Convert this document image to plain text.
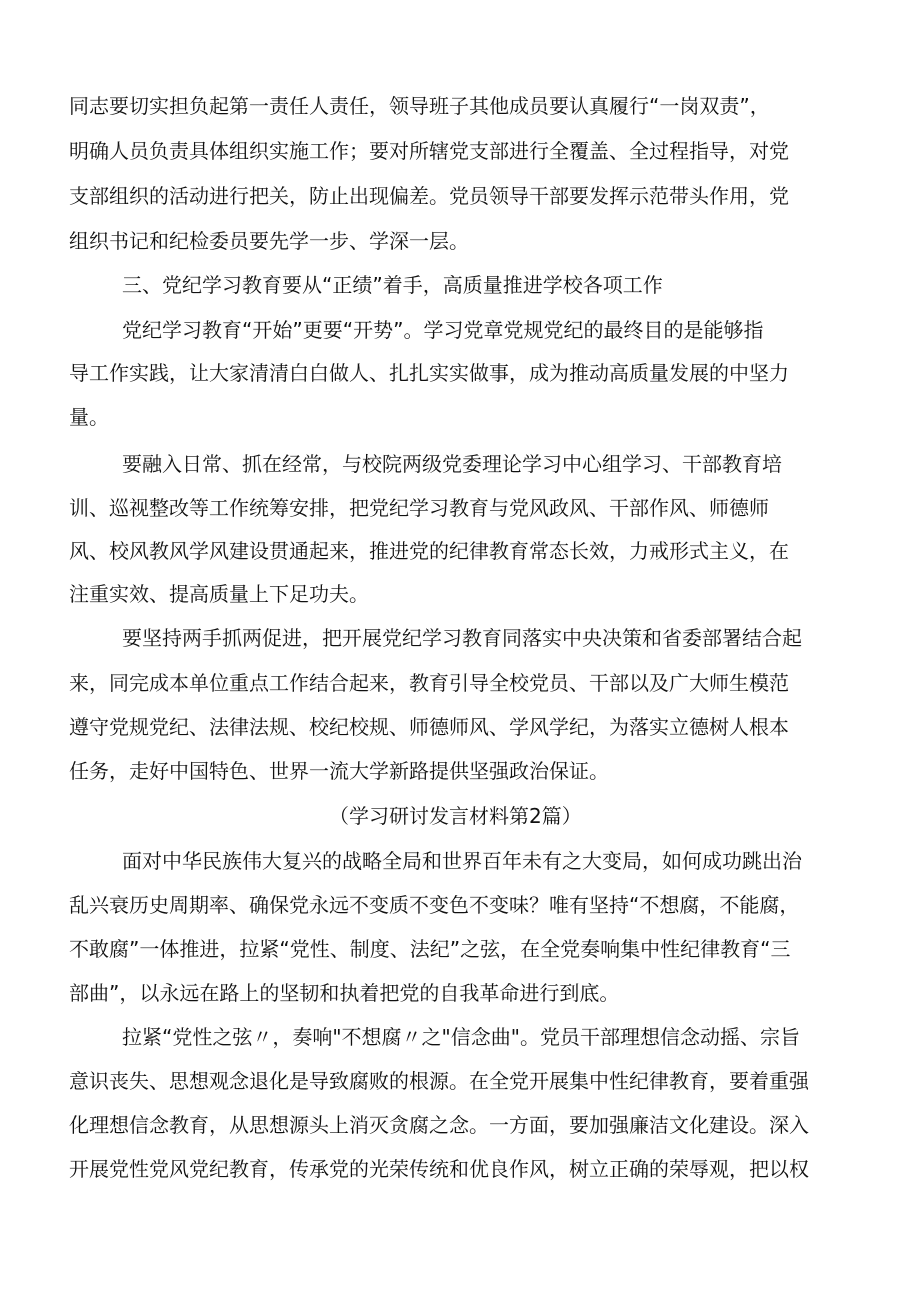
同志要切实担负起第一责任人责任，领导班子其他成员要认真履行“一岗双责”，
明确人员负责具体组织实施工作；要对所辖党支部进行全覆盖、全过程指导，对党
支部组织的活动进行把关，防止出现偏差。党员领导干部要发挥示范带头作用，党
组织书记和纪检委员要先学一步、学深一层。
三、党纪学习教育要从“正绩”着手，高质量推进学校各项工作
党纪学习教育“开始”更要“开势”。学习党章党规党纪的最终目的是能够指
导工作实践，让大家清清白白做人、扎扎实实做事，成为推动高质量发展的中坚力
量。
要融入日常、抓在经常，与校院两级党委理论学习中心组学习、干部教育培
训、巡视整改等工作统筹安排，把党纪学习教育与党风政风、干部作风、师德师
风、校风教风学风建设贯通起来，推进党的纪律教育常态长效，力戒形式主义，在
注重实效、提高质量上下足功夫。
要坚持两手抓两促进，把开展党纪学习教育同落实中央决策和省委部署结合起
来，同完成本单位重点工作结合起来，教育引导全校党员、干部以及广大师生模范
遵守党规党纪、法律法规、校纪校规、师德师风、学风学纪，为落实立德树人根本
任务，走好中国特色、世界一流大学新路提供坚强政治保证。
（学习研讨发言材料第2篇）
面对中华民族伟大复兴的战略全局和世界百年未有之大变局，如何成功跳出治
乱兴衰历史周期率、确保党永远不变质不变色不变味？唯有坚持“不想腐，不能腐，
不敢腐”一体推进，拉紧“党性、制度、法纪”之弦，在全党奏响集中性纪律教育“三
部曲”，以永远在路上的坚韧和执着把党的自我革命进行到底。
拉紧“党性之弦〃，奏响"不想腐〃之"信念曲"。党员干部理想信念动摇、宗旨
意识丧失、思想观念退化是导致腐败的根源。在全党开展集中性纪律教育，要着重强
化理想信念教育，从思想源头上消灭贪腐之念。一方面，要加强廉洁文化建设。深入
开展党性党风党纪教育，传承党的光荣传统和优良作风，树立正确的荣辱观，把以权
